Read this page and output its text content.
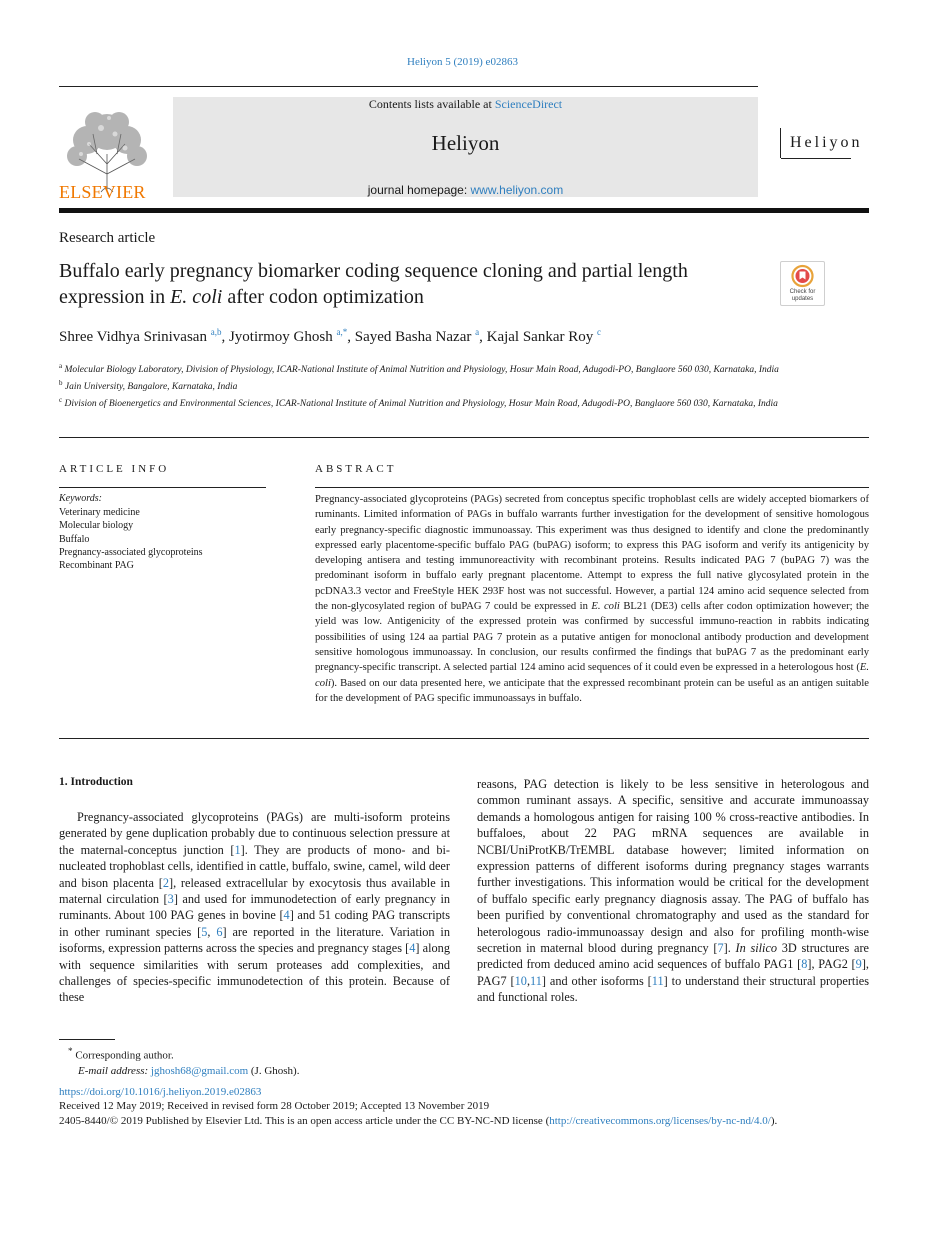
Heliyon 5 (2019) e02863
ELSEVIER
Contents lists available at ScienceDirect
Heliyon
journal homepage: www.heliyon.com
Heliyon
Research article
Buffalo early pregnancy biomarker coding sequence cloning and partial length expression in E. coli after codon optimization	Check for updates
Shree Vidhya Srinivasan $^{a,b}$, Jyotirmoy Ghosh $^{a,*}$, Sayed Basha Nazar $^a$, Kajal Sankar Roy $^c$
$^a$ Molecular Biology Laboratory, Division of Physiology, ICAR-National Institute of Animal Nutrition and Physiology, Hosur Main Road, Adugodi-PO, Banglaore 560 030, Karnataka, India
$^b$ Jain University, Bangalore, Karnataka, India
$^c$ Division of Bioenergetics and Environmental Sciences, ICAR-National Institute of Animal Nutrition and Physiology, Hosur Main Road, Adugodi-PO, Banglaore 560 030, Karnataka, India
ARTICLE INFO
Keywords:
Veterinary medicine
Molecular biology
Buffalo
Pregnancy-associated glycoproteins
Recombinant PAG
ABSTRACT
Pregnancy-associated glycoproteins (PAGs) secreted from conceptus specific trophoblast cells are widely accepted biomarkers of ruminants. Limited information of PAGs in buffalo warrants further investigation for the development of sensitive homologous early pregnancy-specific diagnostic immunoassay. This experiment was thus designed to identify and clone the predominantly expressed early placentome-specific buffalo PAG (buPAG) isoform; to express this PAG isoform and verify its antigenicity by developing antisera and testing immunoreactivity with recombinant proteins. Results indicated PAG 7 (buPAG 7) was the predominant isoform in buffalo early pregnant placentome. Attempt to express the full native glycosylated protein in the pcDNA3.3 vector and FreeStyle HEK 293F host was not successful. However, a partial 124 amino acid sequence selected from the non-glycosylated region of buPAG 7 could be expressed in E. coli BL21 (DE3) cells after codon optimization however; the yield was low. Antigenicity of the expressed protein was confirmed by successful immuno-reaction in rabbits indicating possibilities of using 124 aa partial PAG 7 protein as a putative antigen for monoclonal antibody production and development sensitive homologous immunoassay. In conclusion, our results confirmed the findings that buPAG 7 as the predominant early pregnancy-specific transcript. A selected partial 124 amino acid sequences of it could even be expressed in a heterologous host (E. coli). Based on our data presented here, we anticipate that the expressed recombinant protein can be useful as an antigen suitable for the development of PAG specific immunoassays in buffalo.
1. Introduction
Pregnancy-associated glycoproteins (PAGs) are multi-isoform proteins generated by gene duplication probably due to continuous selection pressure at the maternal-conceptus junction [1]. They are products of mono- and bi-nucleated trophoblast cells, identified in cattle, buffalo, swine, camel, wild deer and bison placenta [2], released extracellular by exocytosis thus available in maternal circulation [3] and used for immunodetection of early pregnancy in ruminants. About 100 PAG genes in bovine [4] and 51 coding PAG transcripts in other ruminant species [5, 6] are reported in the literature. Variation in isoforms, expression patterns across the species and pregnancy stages [4] along with sequence similarities with serum proteases add complexities, and challenges of species-specific immunodetection of this protein. Because of these
reasons, PAG detection is likely to be less sensitive in heterologous and common ruminant assays. A specific, sensitive and accurate immunoassay demands a homologous antigen for raising 100 % cross-reactive antibodies. In buffaloes, about 22 PAG mRNA sequences are available in NCBI/UniProtKB/TrEMBL database however; limited information on expression patterns of different isoforms during pregnancy stages warrants further investigations. This information would be critical for the development of buffalo specific early pregnancy diagnosis assay. The PAG of buffalo has been purified by conventional chromatography and used as the standard for heterologous radio-immunoassay design and also for profiling month-wise secretion in maternal blood during pregnancy [7]. In silico 3D structures are predicted from deduced amino acid sequences of buffalo PAG1 [8], PAG2 [9], PAG7 [10,11] and other isoforms [11] to understand their structural properties and functional roles.
* Corresponding author.
E-mail address: jghosh68@gmail.com (J. Ghosh).
https://doi.org/10.1016/j.heliyon.2019.e02863
Received 12 May 2019; Received in revised form 28 October 2019; Accepted 13 November 2019
2405-8440/© 2019 Published by Elsevier Ltd. This is an open access article under the CC BY-NC-ND license (http://creativecommons.org/licenses/by-nc-nd/4.0/).
